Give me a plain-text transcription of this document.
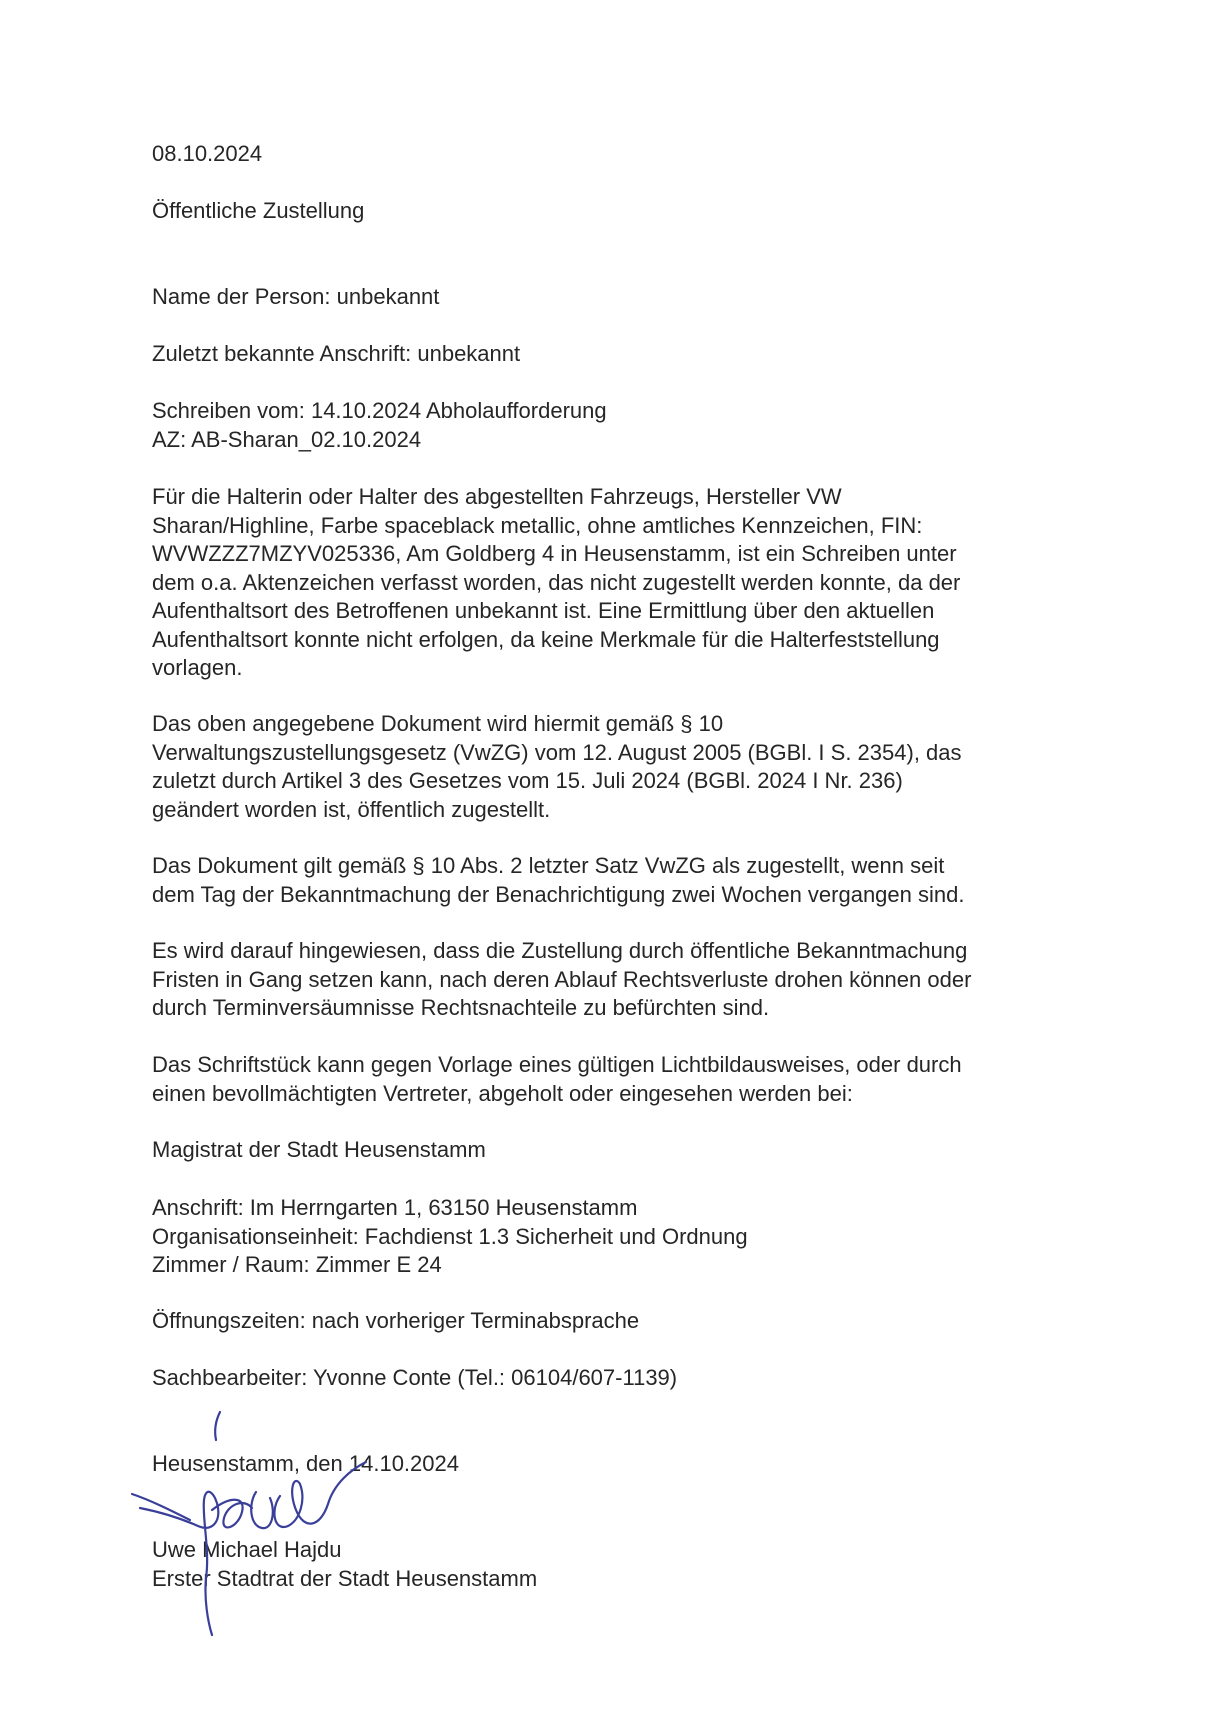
08.10.2024

Öffentliche Zustellung

Name der Person: unbekannt

Zuletzt bekannte Anschrift: unbekannt

Schreiben vom: 14.10.2024 Abholaufforderung
AZ: AB-Sharan_02.10.2024
Für die Halterin oder Halter des abgestellten Fahrzeugs, Hersteller VW
Sharan/Highline, Farbe spaceblack metallic, ohne amtliches Kennzeichen, FIN:
WVWZZZ7MZYV025336, Am Goldberg 4 in Heusenstamm, ist ein Schreiben unter
dem o.a. Aktenzeichen verfasst worden, das nicht zugestellt werden konnte, da der
Aufenthaltsort des Betroffenen unbekannt ist. Eine Ermittlung über den aktuellen
Aufenthaltsort konnte nicht erfolgen, da keine Merkmale für die Halterfeststellung
vorlagen.
Das oben angegebene Dokument wird hiermit gemäß § 10
Verwaltungszustellungsgesetz (VwZG) vom 12. August 2005 (BGBl. I S. 2354), das
zuletzt durch Artikel 3 des Gesetzes vom 15. Juli 2024 (BGBl. 2024 I Nr. 236)
geändert worden ist, öffentlich zugestellt.
Das Dokument gilt gemäß § 10 Abs. 2 letzter Satz VwZG als zugestellt, wenn seit
dem Tag der Bekanntmachung der Benachrichtigung zwei Wochen vergangen sind.
Es wird darauf hingewiesen, dass die Zustellung durch öffentliche Bekanntmachung
Fristen in Gang setzen kann, nach deren Ablauf Rechtsverluste drohen können oder
durch Terminversäumnisse Rechtsnachteile zu befürchten sind.
Das Schriftstück kann gegen Vorlage eines gültigen Lichtbildausweises, oder durch
einen bevollmächtigten Vertreter, abgeholt oder eingesehen werden bei:

Magistrat der Stadt Heusenstamm

Anschrift: Im Herrngarten 1, 63150 Heusenstamm
Organisationseinheit: Fachdienst 1.3 Sicherheit und Ordnung
Zimmer / Raum: Zimmer E 24

Öffnungszeiten: nach vorheriger Terminabsprache

Sachbearbeiter: Yvonne Conte (Tel.: 06104/607-1139)

Heusenstamm, den 14.10.2024

Uwe Michael Hajdu
Erster Stadtrat der Stadt Heusenstamm
